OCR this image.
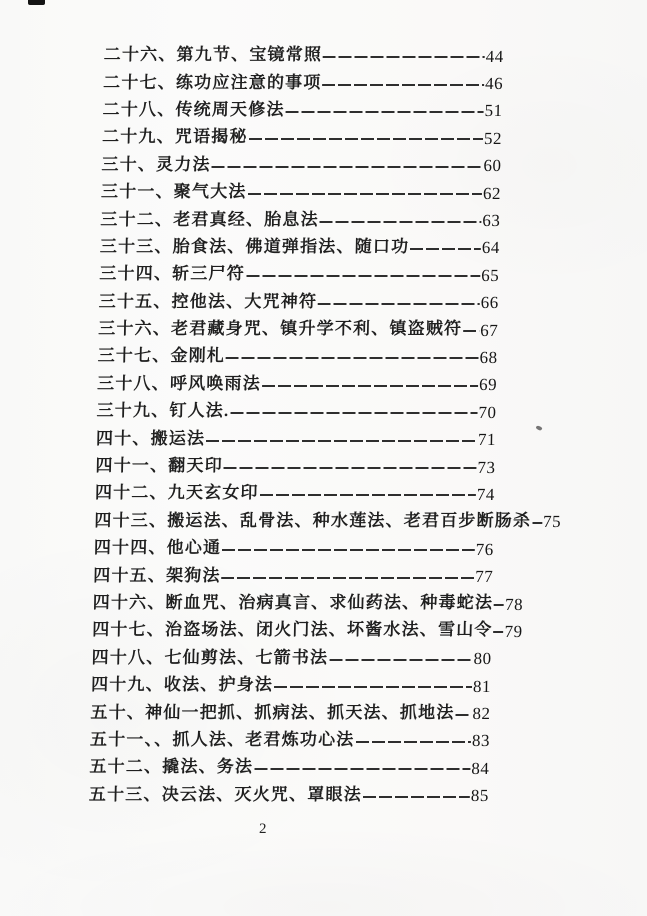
二十六、第九节、宝镜常照	44
二十七、练功应注意的事项	46
二十八、传统周天修法	51
二十九、咒语揭秘	52
三十、灵力法	60
三十一、聚气大法	62
三十二、老君真经、胎息法	63
三十三、胎食法、佛道弹指法、随口功	64
三十四、斩三尸符	65
三十五、控他法、大咒神符	66
三十六、老君藏身咒、镇升学不利、镇盗贼符 67
三十七、金刚札	68
三十八、呼风唤雨法	69
三十九、钉人法.	70
四十、搬运法	71
四十一、翻天印	73
四十二、九天玄女印	74
四十三、搬运法、乱骨法、种水莲法、老君百步断肠杀 75
四十四、他心通	76
四十五、架狗法	77
四十六、断血咒、治病真言、求仙药法、种毒蛇法 78
四十七、治盗场法、闭火门法、坏酱水法、雪山令 79
四十八、七仙剪法、七箭书法	80
四十九、收法、护身法	81
五十、神仙一把抓、抓病法、抓天法、抓地法 82
五十一、、抓人法、老君炼功心法	83
五十二、撬法、务法	84
五十三、决云法、灭火咒、罩眼法	85
2
